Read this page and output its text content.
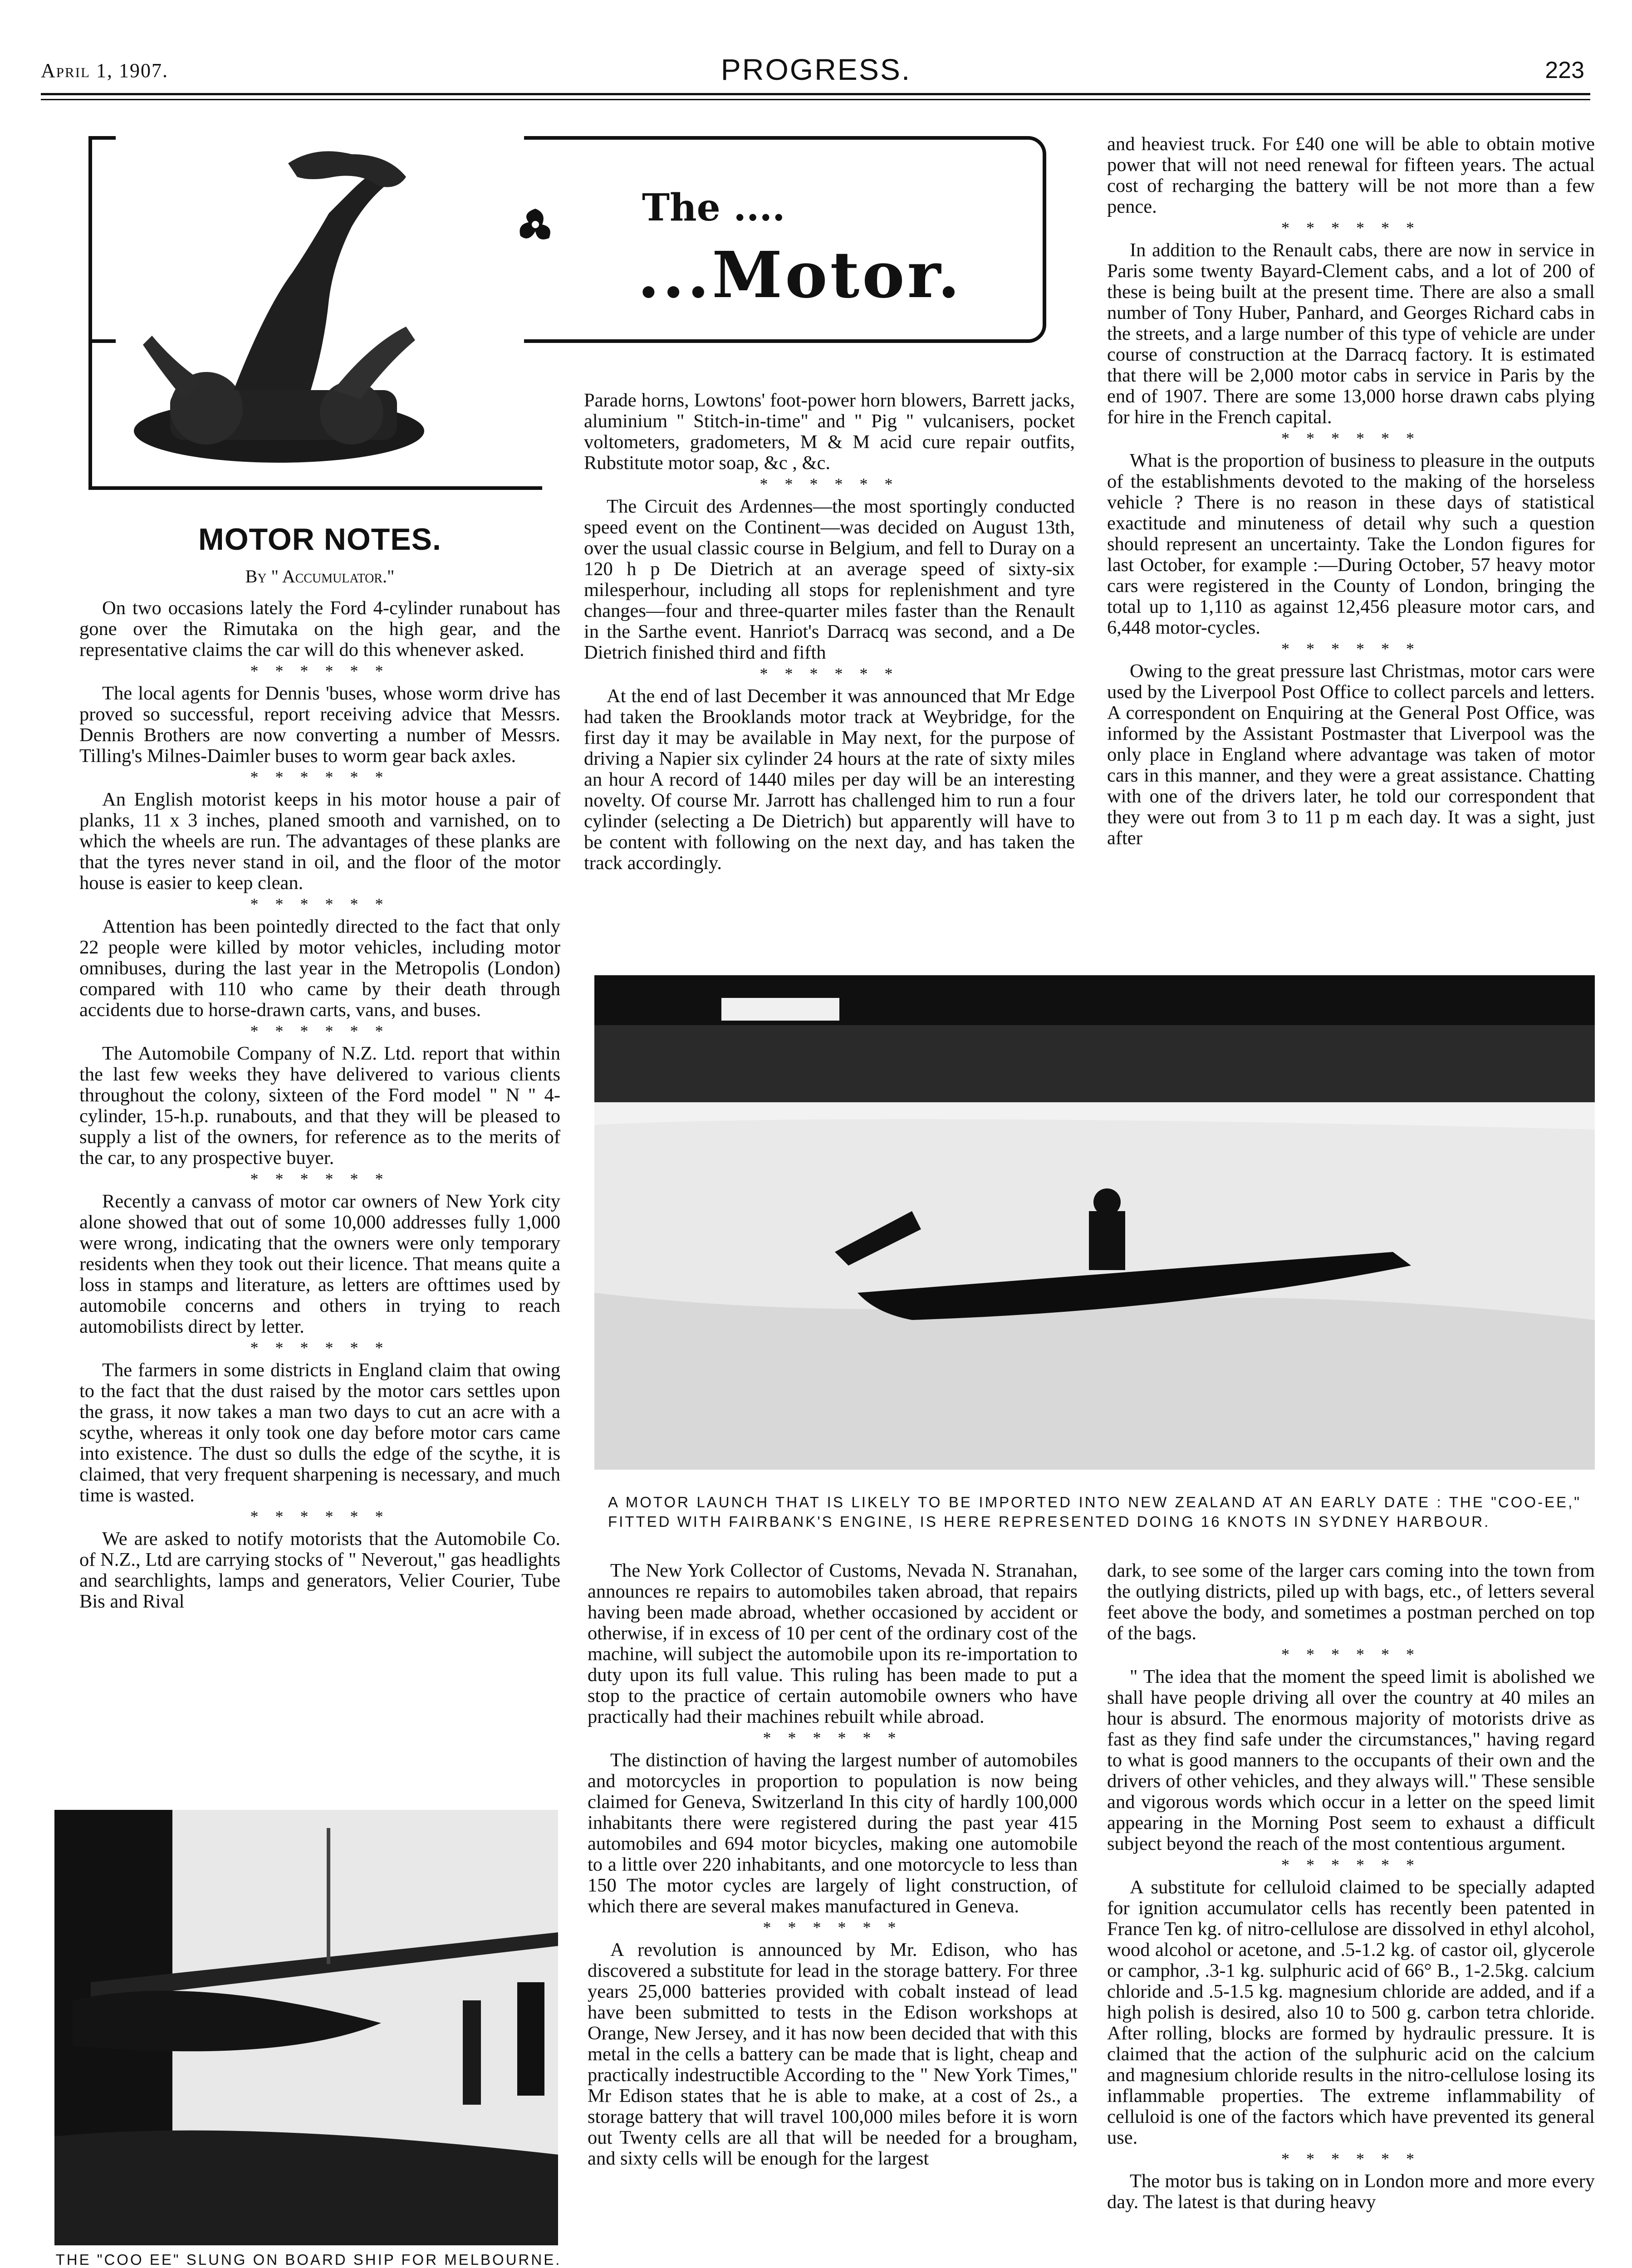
April 1, 1907.	PROGRESS.	223
The ....
...Motor.
MOTOR NOTES.
By " Accumulator."

On two occasions lately the Ford 4-cylinder runabout has gone over the Rimutaka on the high gear, and the representative claims the car will do this whenever asked.

* * * * * *

The local agents for Dennis 'buses, whose worm drive has proved so successful, report receiving advice that Messrs. Dennis Brothers are now converting a number of Messrs. Tilling's Milnes-Daimler buses to worm gear back axles.

* * * * * *

An English motorist keeps in his motor house a pair of planks, 11 x 3 inches, planed smooth and varnished, on to which the wheels are run. The advantages of these planks are that the tyres never stand in oil, and the floor of the motor house is easier to keep clean.

* * * * * *

Attention has been pointedly directed to the fact that only 22 people were killed by motor vehicles, including motor omnibuses, during the last year in the Metropolis (London) compared with 110 who came by their death through accidents due to horse-drawn carts, vans, and buses.

* * * * * *

The Automobile Company of N.Z. Ltd. report that within the last few weeks they have delivered to various clients throughout the colony, sixteen of the Ford model " N " 4-cylinder, 15-h.p. runabouts, and that they will be pleased to supply a list of the owners, for reference as to the merits of the car, to any prospective buyer.

* * * * * *

Recently a canvass of motor car owners of New York city alone showed that out of some 10,000 addresses fully 1,000 were wrong, indicating that the owners were only temporary residents when they took out their licence. That means quite a loss in stamps and literature, as letters are ofttimes used by automobile concerns and others in trying to reach automobilists direct by letter.

* * * * * *

The farmers in some districts in England claim that owing to the fact that the dust raised by the motor cars settles upon the grass, it now takes a man two days to cut an acre with a scythe, whereas it only took one day before motor cars came into existence. The dust so dulls the edge of the scythe, it is claimed, that very frequent sharpening is necessary, and much time is wasted.

* * * * * *

We are asked to notify motorists that the Automobile Co. of N.Z., Ltd are carrying stocks of " Neverout," gas headlights and searchlights, lamps and generators, Velier Courier, Tube Bis and Rival

THE "COO EE" SLUNG ON BOARD SHIP FOR MELBOURNE.

Parade horns, Lowtons' foot-power horn blowers, Barrett jacks, aluminium " Stitch-in-time" and " Pig " vulcanisers, pocket voltometers, gradometers, M & M acid cure repair outfits, Rubstitute motor soap, &c , &c.

* * * * * *

The Circuit des Ardennes—the most sportingly conducted speed event on the Continent—was decided on August 13th, over the usual classic course in Belgium, and fell to Duray on a 120 h p De Dietrich at an average speed of sixty-six milesperhour, including all stops for replenishment and tyre changes—four and three-quarter miles faster than the Renault in the Sarthe event. Hanriot's Darracq was second, and a De Dietrich finished third and fifth

* * * * * *

At the end of last December it was announced that Mr Edge had taken the Brooklands motor track at Weybridge, for the first day it may be available in May next, for the purpose of driving a Napier six cylinder 24 hours at the rate of sixty miles an hour A record of 1440 miles per day will be an interesting novelty. Of course Mr. Jarrott has challenged him to run a four cylinder (selecting a De Dietrich) but apparently will have to be content with following on the next day, and has taken the track accordingly.

and heaviest truck. For £40 one will be able to obtain motive power that will not need renewal for fifteen years. The actual cost of recharging the battery will be not more than a few pence.

* * * * * *

In addition to the Renault cabs, there are now in service in Paris some twenty Bayard-Clement cabs, and a lot of 200 of these is being built at the present time. There are also a small number of Tony Huber, Panhard, and Georges Richard cabs in the streets, and a large number of this type of vehicle are under course of construction at the Darracq factory. It is estimated that there will be 2,000 motor cabs in service in Paris by the end of 1907. There are some 13,000 horse drawn cabs plying for hire in the French capital.

* * * * * *

What is the proportion of business to pleasure in the outputs of the establishments devoted to the making of the horseless vehicle ? There is no reason in these days of statistical exactitude and minuteness of detail why such a question should represent an uncertainty. Take the London figures for last October, for example :—During October, 57 heavy motor cars were registered in the County of London, bringing the total up to 1,110 as against 12,456 pleasure motor cars, and 6,448 motor-cycles.

* * * * * *

Owing to the great pressure last Christmas, motor cars were used by the Liverpool Post Office to collect parcels and letters. A correspondent on Enquiring at the General Post Office, was informed by the Assistant Postmaster that Liverpool was the only place in England where advantage was taken of motor cars in this manner, and they were a great assistance. Chatting with one of the drivers later, he told our correspondent that they were out from 3 to 11 p m each day. It was a sight, just after

A MOTOR LAUNCH THAT IS LIKELY TO BE IMPORTED INTO NEW ZEALAND AT AN EARLY DATE : THE "COO-EE," FITTED WITH FAIRBANK'S ENGINE, IS HERE REPRESENTED DOING 16 KNOTS IN SYDNEY HARBOUR.

The New York Collector of Customs, Nevada N. Stranahan, announces re repairs to automobiles taken abroad, that repairs having been made abroad, whether occasioned by accident or otherwise, if in excess of 10 per cent of the ordinary cost of the machine, will subject the automobile upon its re-importation to duty upon its full value. This ruling has been made to put a stop to the practice of certain automobile owners who have practically had their machines rebuilt while abroad.

* * * * * *

The distinction of having the largest number of automobiles and motorcycles in proportion to population is now being claimed for Geneva, Switzerland In this city of hardly 100,000 inhabitants there were registered during the past year 415 automobiles and 694 motor bicycles, making one automobile to a little over 220 inhabitants, and one motorcycle to less than 150 The motor cycles are largely of light construction, of which there are several makes manufactured in Geneva.

* * * * * *

A revolution is announced by Mr. Edison, who has discovered a substitute for lead in the storage battery. For three years 25,000 batteries provided with cobalt instead of lead have been submitted to tests in the Edison workshops at Orange, New Jersey, and it has now been decided that with this metal in the cells a battery can be made that is light, cheap and practically indestructible According to the " New York Times," Mr Edison states that he is able to make, at a cost of 2s., a storage battery that will travel 100,000 miles before it is worn out Twenty cells are all that will be needed for a brougham, and sixty cells will be enough for the largest

dark, to see some of the larger cars coming into the town from the outlying districts, piled up with bags, etc., of letters several feet above the body, and sometimes a postman perched on top of the bags.

* * * * * *

" The idea that the moment the speed limit is abolished we shall have people driving all over the country at 40 miles an hour is absurd. The enormous majority of motorists drive as fast as they find safe under the circumstances," having regard to what is good manners to the occupants of their own and the drivers of other vehicles, and they always will." These sensible and vigorous words which occur in a letter on the speed limit appearing in the Morning Post seem to exhaust a difficult subject beyond the reach of the most contentious argument.

* * * * * *

A substitute for celluloid claimed to be specially adapted for ignition accumulator cells has recently been patented in France Ten kg. of nitro-cellulose are dissolved in ethyl alcohol, wood alcohol or acetone, and .5-1.2 kg. of castor oil, glycerole or camphor, .3-1 kg. sulphuric acid of 66° B., 1-2.5kg. calcium chloride and .5-1.5 kg. magnesium chloride are added, and if a high polish is desired, also 10 to 500 g. carbon tetra chloride. After rolling, blocks are formed by hydraulic pressure. It is claimed that the action of the sulphuric acid on the calcium and magnesium chloride results in the nitro-cellulose losing its inflammable properties. The extreme inflammability of celluloid is one of the factors which have prevented its general use.

* * * * * *

The motor bus is taking on in London more and more every day. The latest is that during heavy
